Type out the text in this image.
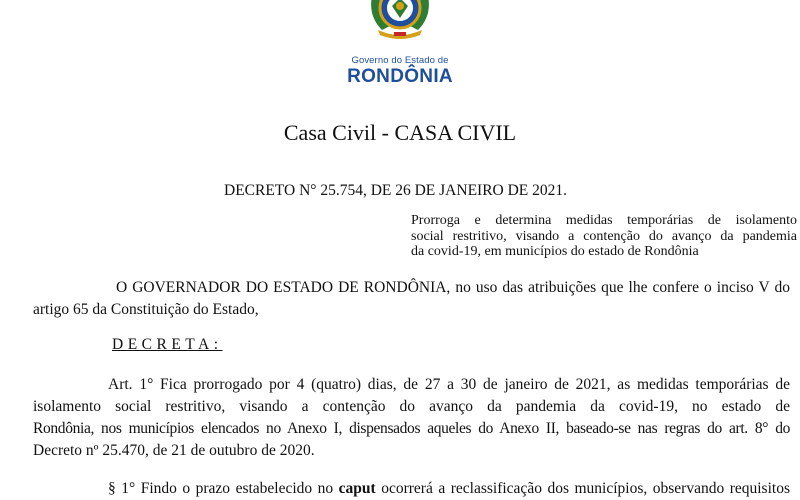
Governo do Estado de
RONDÔNIA
Casa Civil - CASA CIVIL
DECRETO N° 25.754, DE 26 DE JANEIRO DE 2021.
Prorroga e determina medidas temporárias de isolamento
social restritivo, visando a contenção do avanço da pandemia
da covid-19, em municípios do estado de Rondônia
O GOVERNADOR DO ESTADO DE RONDÔNIA, no uso das atribuições que lhe confere o inciso V do
artigo 65 da Constituição do Estado,
DECRETA:
Art. 1° Fica prorrogado por 4 (quatro) dias, de 27 a 30 de janeiro de 2021, as medidas temporárias de
isolamento social restritivo, visando a contenção do avanço da pandemia da covid-19, no estado de
Rondônia, nos municípios elencados no Anexo I, dispensados aqueles do Anexo II, baseado-se nas regras do art. 8° do
Decreto nº 25.470, de 21 de outubro de 2020.
§ 1° Findo o prazo estabelecido no caput ocorrerá a reclassificação dos municípios, observando requisitos
